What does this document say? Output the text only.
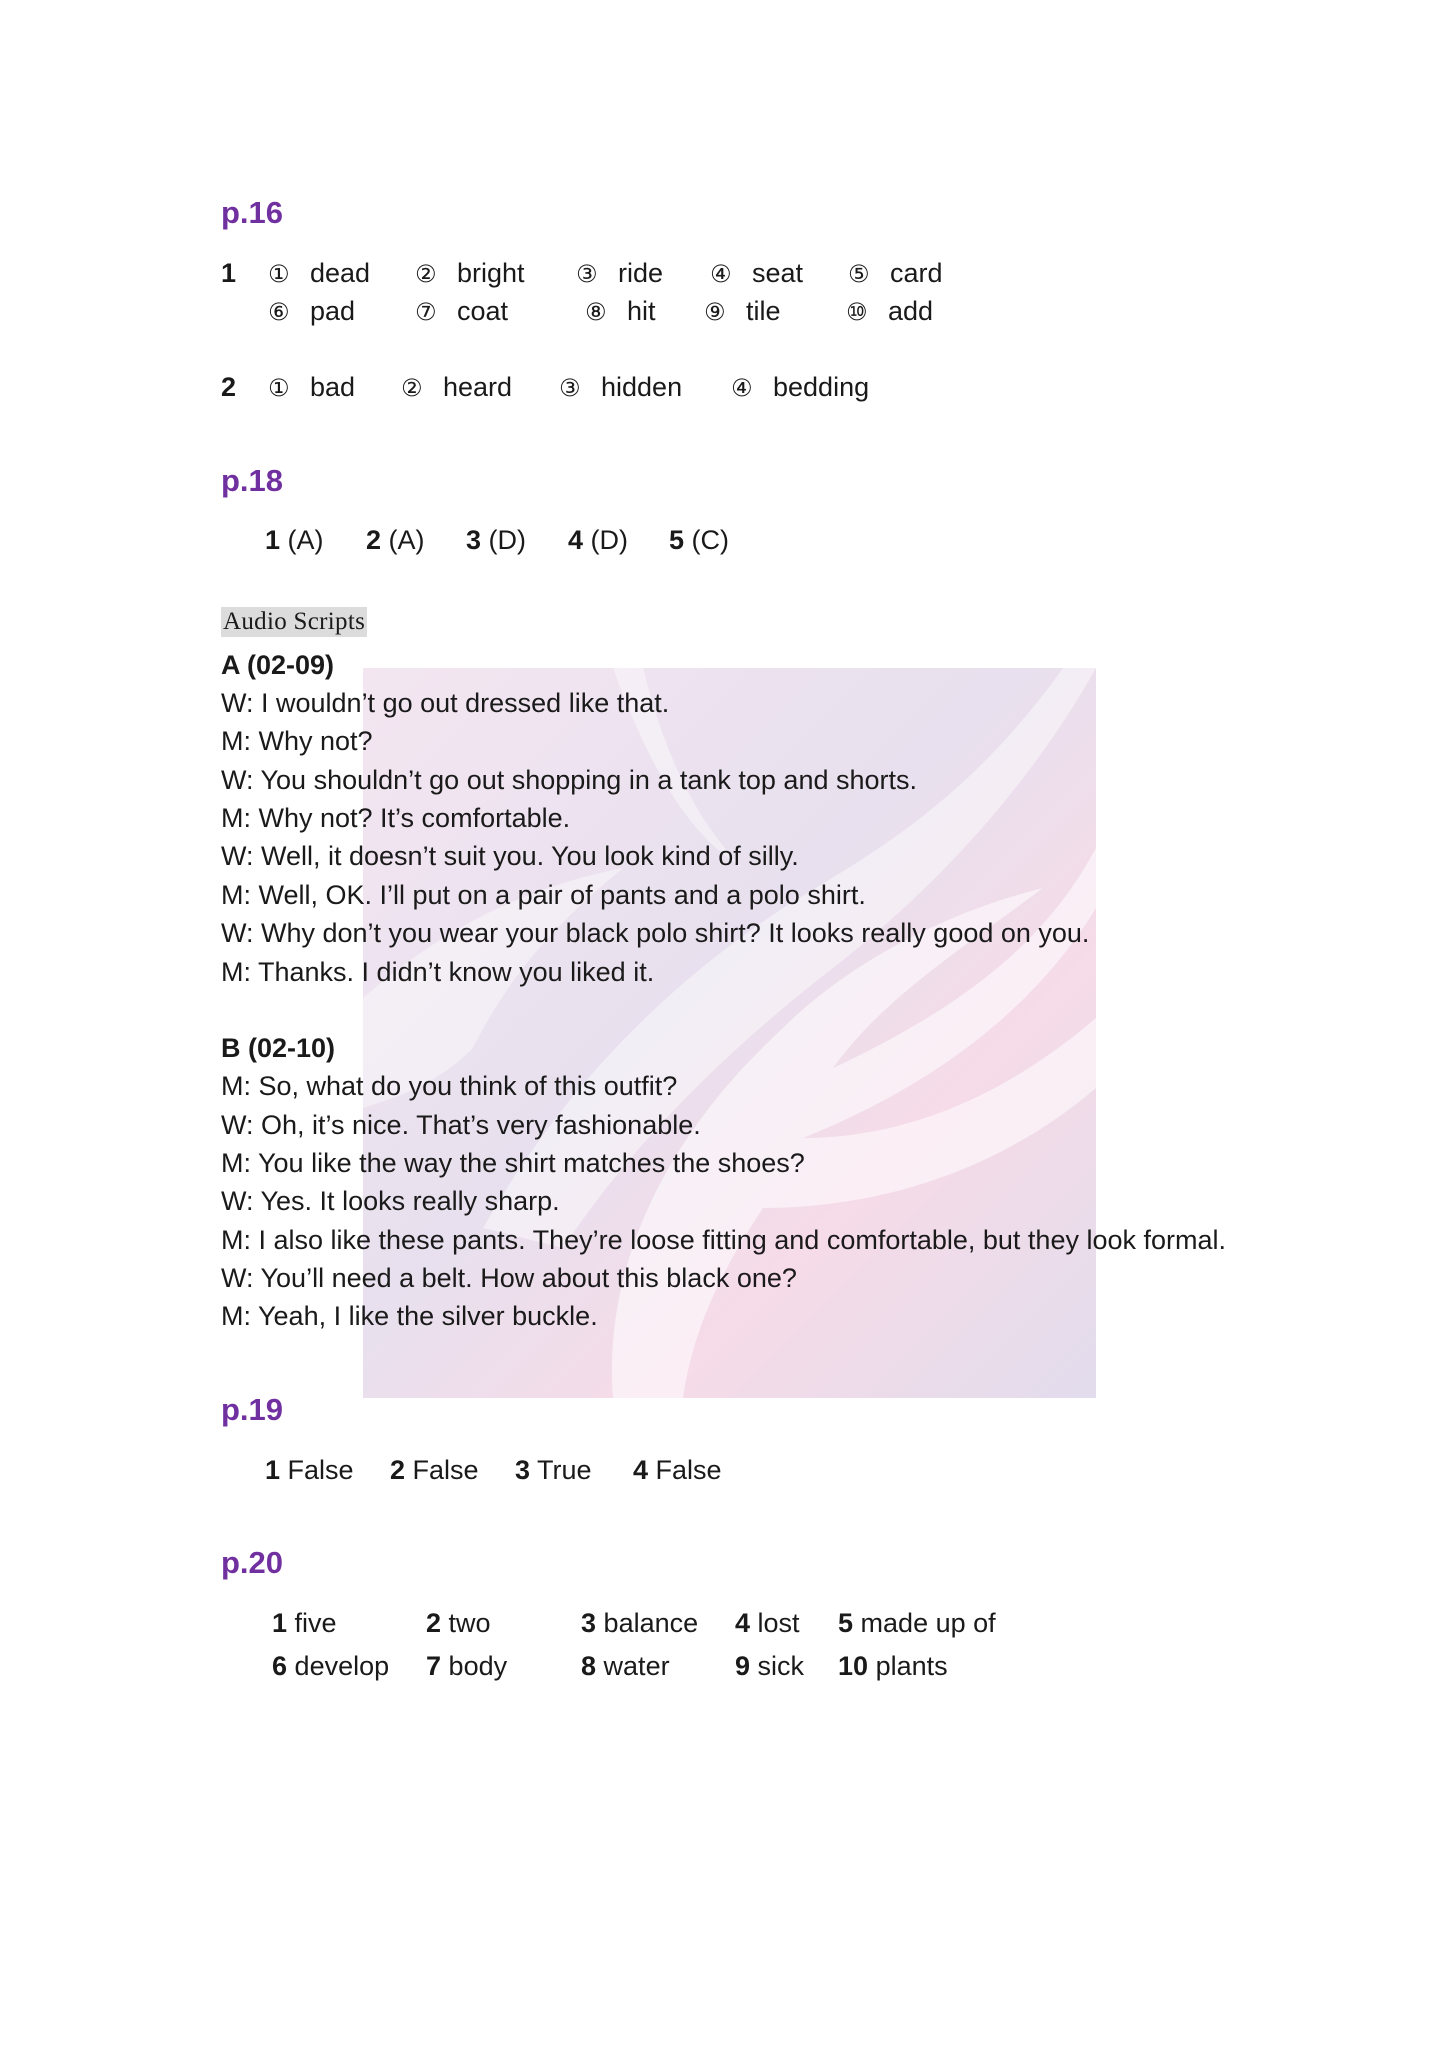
p.16
1 ① dead ② bright ③ ride ④ seat ⑤ card
⑥ pad ⑦ coat	⑧ hit ⑨ tile	⑩ add
2 ① bad ② heard ③ hidden ④ bedding
p.18
1 (A) 2 (A) 3 (D) 4 (D) 5 (C)
Audio Scripts
A (02-09)
W: I wouldn’t go out dressed like that.
M: Why not?
W: You shouldn’t go out shopping in a tank top and shorts.
M: Why not? It’s comfortable.
W: Well, it doesn’t suit you. You look kind of silly.
M: Well, OK. I’ll put on a pair of pants and a polo shirt.
W: Why don’t you wear your black polo shirt? It looks really good on you.
M: Thanks. I didn’t know you liked it.
B (02-10)
M: So, what do you think of this outfit?
W: Oh, it’s nice. That’s very fashionable.
M: You like the way the shirt matches the shoes?
W: Yes. It looks really sharp.
M: I also like these pants. They’re loose fitting and comfortable, but they look formal.
W: You’ll need a belt. How about this black one?
M: Yeah, I like the silver buckle.
p.19
1 False 2 False 3 True 4 False
p.20
1 five	2 two	3 balance 4 lost 5 made up of
6 develop 7 body	8 water 9 sick 10 plants
